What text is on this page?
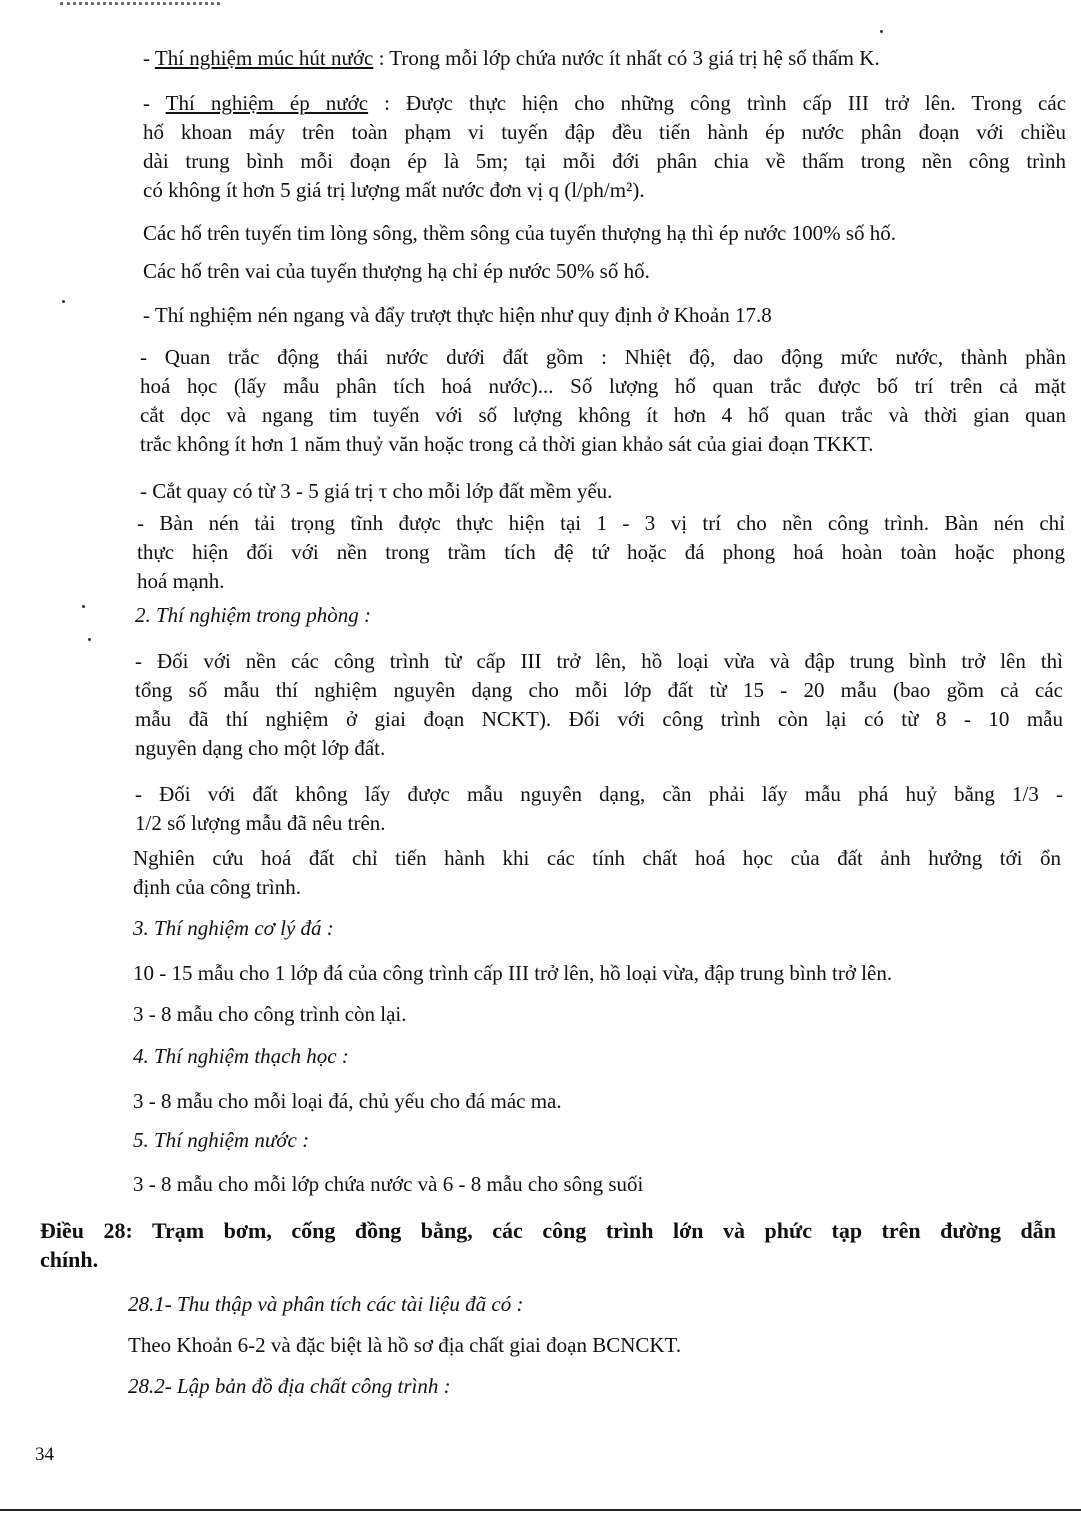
- Thí nghiệm múc hút nước : Trong mỗi lớp chứa nước ít nhất có 3 giá trị hệ số thấm K.

- Thí nghiệm ép nước : Được thực hiện cho những công trình cấp III trở lên. Trong các
hố khoan máy trên toàn phạm vi tuyến đập đều tiến hành ép nước phân đoạn với chiều
dài trung bình mỗi đoạn ép là 5m; tại mỗi đới phân chia về thấm trong nền công trình
có không ít hơn 5 giá trị lượng mất nước đơn vị q (l/ph/m²).

Các hố trên tuyến tim lòng sông, thềm sông của tuyến thượng hạ thì ép nước 100% số hố.

Các hố trên vai của tuyến thượng hạ chỉ ép nước 50% số hố.

- Thí nghiệm nén ngang và đẩy trượt thực hiện như quy định ở Khoản 17.8

- Quan trắc động thái nước dưới đất gồm : Nhiệt độ, dao động mức nước, thành phần
hoá học (lấy mẫu phân tích hoá nước)... Số lượng hố quan trắc được bố trí trên cả mặt
cắt dọc và ngang tim tuyến với số lượng không ít hơn 4 hố quan trắc và thời gian quan
trắc không ít hơn 1 năm thuỷ văn hoặc trong cả thời gian khảo sát của giai đoạn TKKT.

- Cắt quay có từ 3 - 5 giá trị τ cho mỗi lớp đất mềm yếu.

- Bàn nén tải trọng tĩnh được thực hiện tại 1 - 3 vị trí cho nền công trình. Bàn nén chỉ
thực hiện đối với nền trong trầm tích đệ tứ hoặc đá phong hoá hoàn toàn hoặc phong
hoá mạnh.

2. Thí nghiệm trong phòng :

- Đối với nền các công trình từ cấp III trở lên, hồ loại vừa và đập trung bình trở lên thì
tổng số mẫu thí nghiệm nguyên dạng cho mỗi lớp đất từ 15 - 20 mẫu (bao gồm cả các
mẫu đã thí nghiệm ở giai đoạn NCKT). Đối với công trình còn lại có từ 8 - 10 mẫu
nguyên dạng cho một lớp đất.
- Đối với đất không lấy được mẫu nguyên dạng, cần phải lấy mẫu phá huỷ bằng 1/3 -
1/2 số lượng mẫu đã nêu trên.
Nghiên cứu hoá đất chỉ tiến hành khi các tính chất hoá học của đất ảnh hưởng tới ổn
định của công trình.

3. Thí nghiệm cơ lý đá :

10 - 15 mẫu cho 1 lớp đá của công trình cấp III trở lên, hồ loại vừa, đập trung bình trở lên.

3 - 8 mẫu cho công trình còn lại.

4. Thí nghiệm thạch học :

3 - 8 mẫu cho mỗi loại đá, chủ yếu cho đá mác ma.

5. Thí nghiệm nước :

3 - 8 mẫu cho mỗi lớp chứa nước và 6 - 8 mẫu cho sông suối

Điều 28: Trạm bơm, cống đồng bằng, các công trình lớn và phức tạp trên đường dẫn
chính.

28.1- Thu thập và phân tích các tài liệu đã có :

Theo Khoản 6-2 và đặc biệt là hồ sơ địa chất giai đoạn BCNCKT.

28.2- Lập bản đồ địa chất công trình :

34
